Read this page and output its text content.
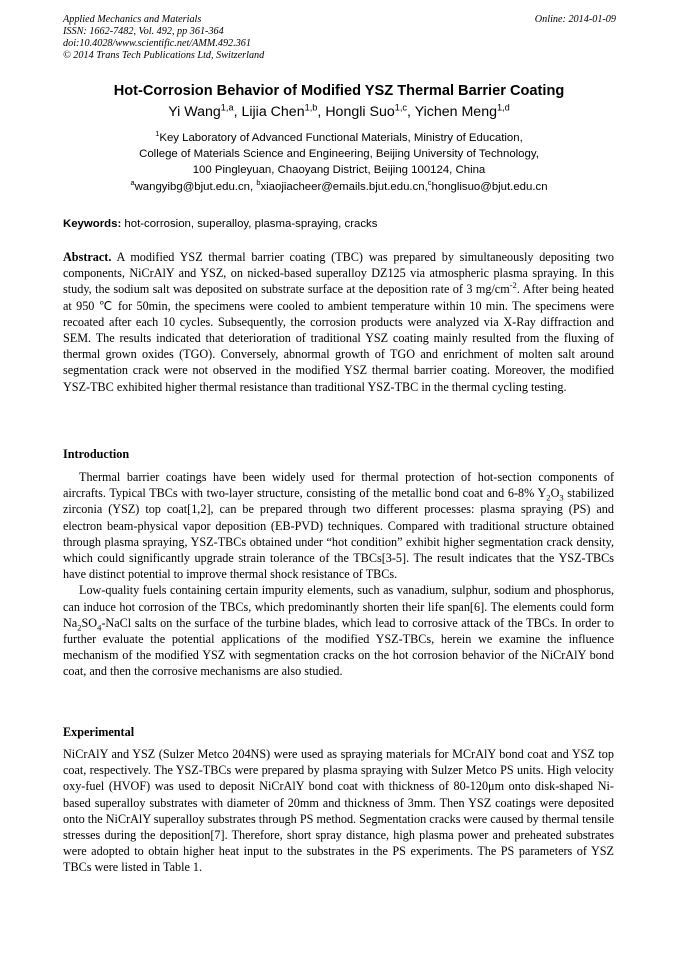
Applied Mechanics and Materials
ISSN: 1662-7482, Vol. 492, pp 361-364
doi:10.4028/www.scientific.net/AMM.492.361
© 2014 Trans Tech Publications Ltd, Switzerland
Online: 2014-01-09
Hot-Corrosion Behavior of Modified YSZ Thermal Barrier Coating
Yi Wang$^{1,a}$, Lijia Chen$^{1,b}$, Hongli Suo$^{1,c}$, Yichen Meng$^{1,d}$
$^1$Key Laboratory of Advanced Functional Materials, Ministry of Education,
College of Materials Science and Engineering, Beijing University of Technology,
100 Pingleyuan, Chaoyang District, Beijing 100124, China
$^a$wangyibg@bjut.edu.cn, $^b$xiaojiacheer@emails.bjut.edu.cn,$^c$honglisuo@bjut.edu.cn
Keywords: hot-corrosion, superalloy, plasma-spraying, cracks
Abstract. A modified YSZ thermal barrier coating (TBC) was prepared by simultaneously depositing two components, NiCrAlY and YSZ, on nicked-based superalloy DZ125 via atmospheric plasma spraying. In this study, the sodium salt was deposited on substrate surface at the deposition rate of 3 $mg/cm^{-2}$. After being heated at 950 ℃ for 50min, the specimens were cooled to ambient temperature within 10 min. The specimens were recoated after each 10 cycles. Subsequently, the corrosion products were analyzed via X-Ray diffraction and SEM. The results indicated that deterioration of traditional YSZ coating mainly resulted from the fluxing of thermal grown oxides (TGO). Conversely, abnormal growth of TGO and enrichment of molten salt around segmentation crack were not observed in the modified YSZ thermal barrier coating. Moreover, the modified YSZ-TBC exhibited higher thermal resistance than traditional YSZ-TBC in the thermal cycling testing.
Introduction

Thermal barrier coatings have been widely used for thermal protection of hot-section components of aircrafts. Typical TBCs with two-layer structure, consisting of the metallic bond coat and 6-8% $Y_2O_3$ stabilized zirconia (YSZ) top coat[1,2], can be prepared through two different processes: plasma spraying (PS) and electron beam-physical vapor deposition (EB-PVD) techniques. Compared with traditional structure obtained through plasma spraying, YSZ-TBCs obtained under “hot condition” exhibit higher segmentation crack density, which could significantly upgrade strain tolerance of the TBCs[3-5]. The result indicates that the YSZ-TBCs have distinct potential to improve thermal shock resistance of TBCs.

Low-quality fuels containing certain impurity elements, such as vanadium, sulphur, sodium and phosphorus, can induce hot corrosion of the TBCs, which predominantly shorten their life span[6]. The elements could form $Na_2SO_4$-NaCl salts on the surface of the turbine blades, which lead to corrosive attack of the TBCs. In order to further evaluate the potential applications of the modified YSZ-TBCs, herein we examine the influence mechanism of the modified YSZ with segmentation cracks on the hot corrosion behavior of the NiCrAlY bond coat, and then the corrosive mechanisms are also studied.

Experimental

NiCrAlY and YSZ (Sulzer Metco 204NS) were used as spraying materials for MCrAlY bond coat and YSZ top coat, respectively. The YSZ-TBCs were prepared by plasma spraying with Sulzer Metco PS units. High velocity oxy-fuel (HVOF) was used to deposit NiCrAlY bond coat with thickness of 80-120μm onto disk-shaped Ni-based superalloy substrates with diameter of 20mm and thickness of 3mm. Then YSZ coatings were deposited onto the NiCrAlY superalloy substrates through PS method. Segmentation cracks were caused by thermal tensile stresses during the deposition[7]. Therefore, short spray distance, high plasma power and preheated substrates were adopted to obtain higher heat input to the substrates in the PS experiments. The PS parameters of YSZ TBCs were listed in Table 1.
